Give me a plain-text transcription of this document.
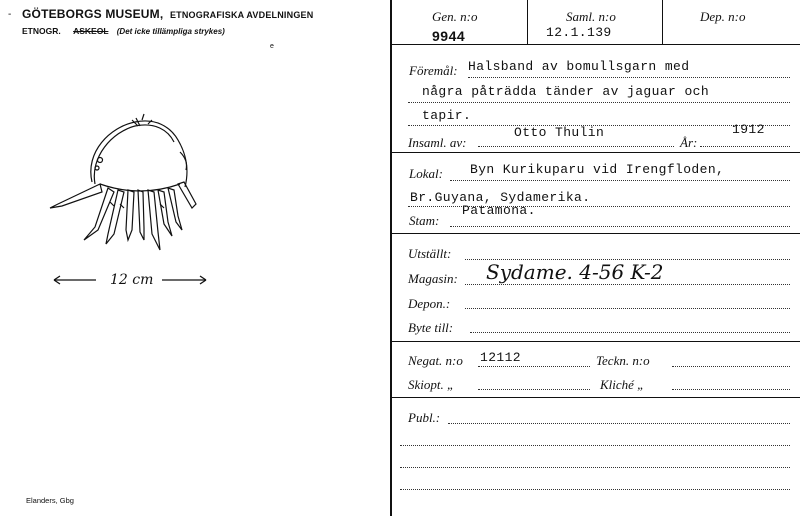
- GÖTEBORGS MUSEUM, ETNOGRAFISKA AVDELNINGEN
ETNOGR. ASKEOL (Det icke tillämpliga strykes)
e
12 cm
Elanders, Gbg
Gen. n:o
9944
Saml. n:o
12.1.139
Dep. n:o
Föremål: Halsband av bomullsgarn med
några påträdda tänder av jaguar och
tapir.
Insaml. av:
Otto Thulin
År:
1912
Lokal: Byn Kurikuparu vid Irengfloden,
Br.Guyana, Sydamerika.
Patamona.
Stam:
Utställt:
Magasin: Sydame. 4-56 K-2
Depon.:
Byte till:
Negat. n:o 12112	Teckn. n:o
Skiopt. „	Kliché „
Publ.:
